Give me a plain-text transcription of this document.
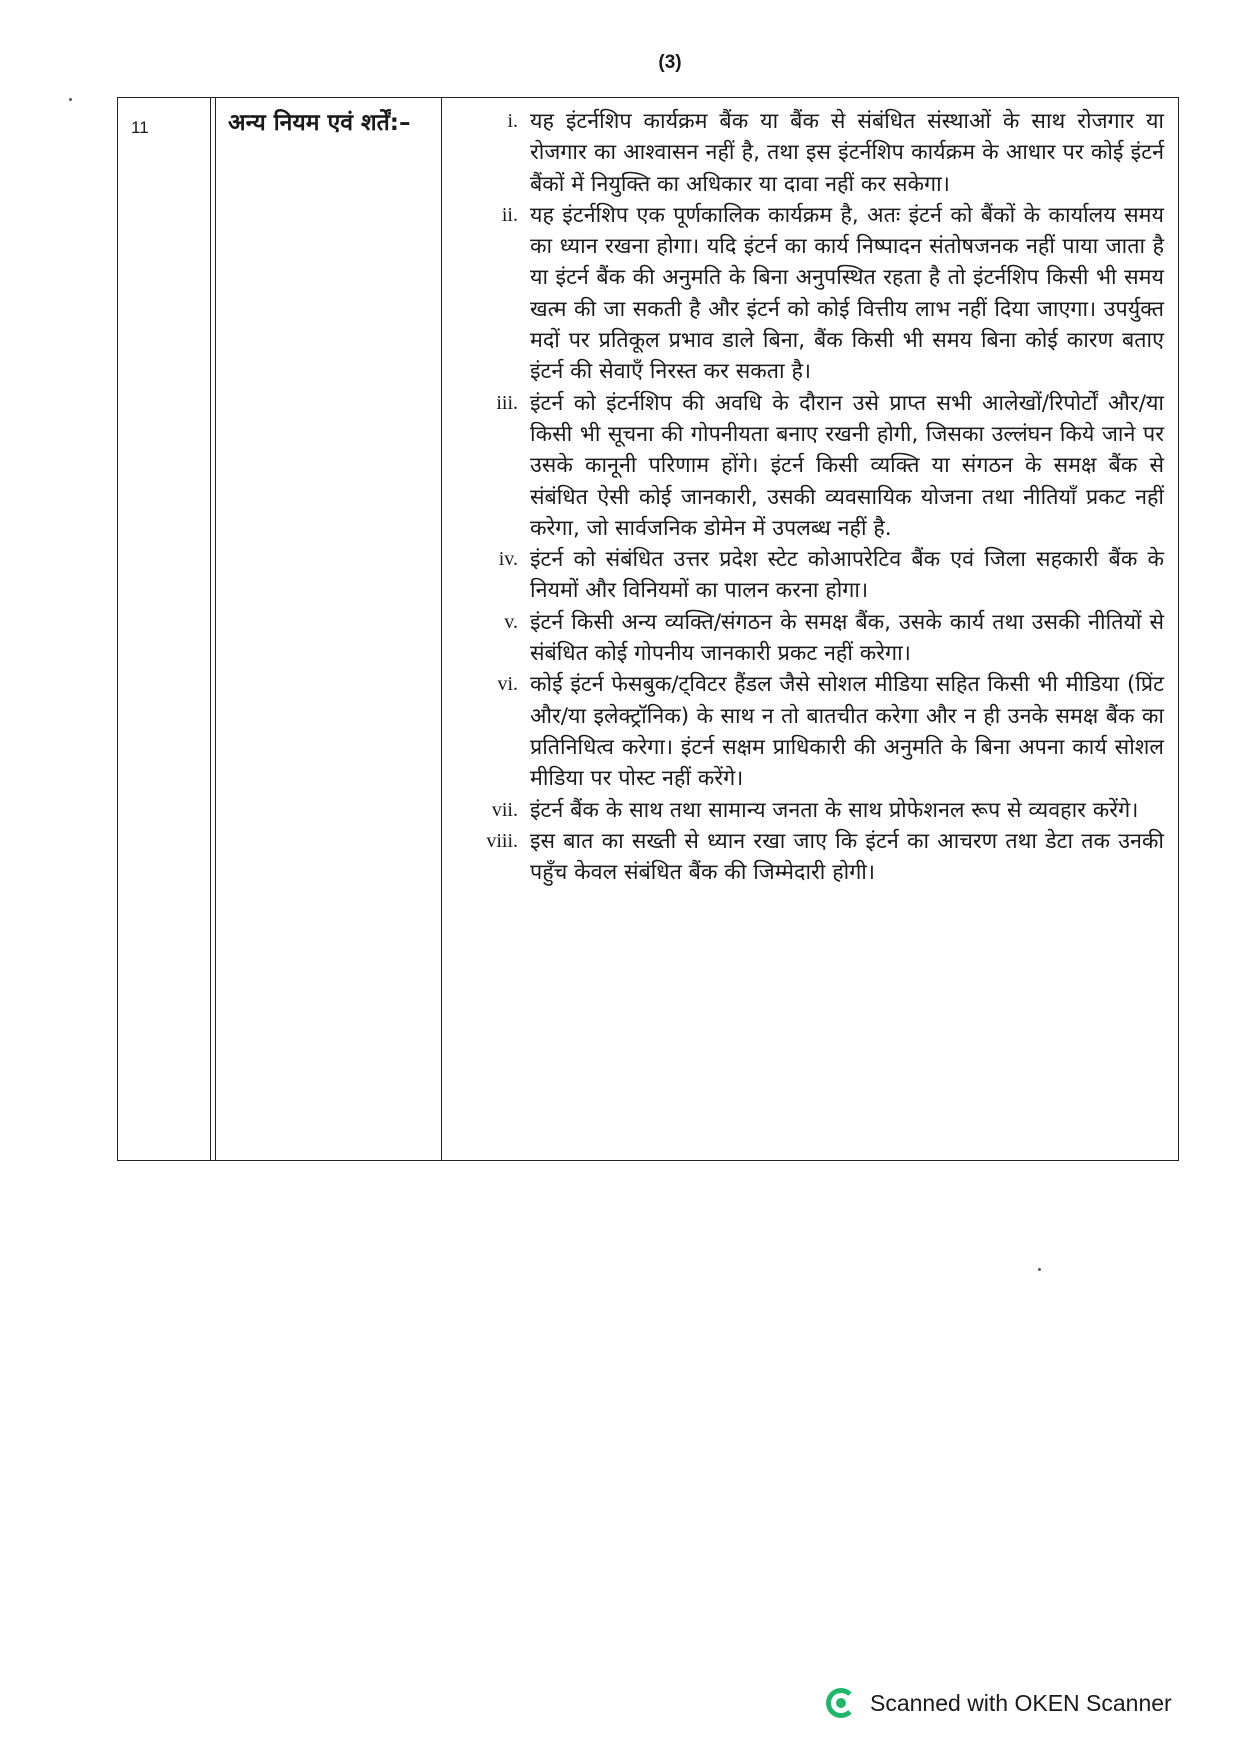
(3)
11		अन्य नियम एवं शर्तें:–	i. यह इंटर्नशिप कार्यक्रम बैंक या बैंक से संबंधित संस्थाओं के साथ रोजगार या रोजगार का आश्वासन नहीं है, तथा इस इंटर्नशिप कार्यक्रम के आधार पर कोई इंटर्न बैंकों में नियुक्ति का अधिकार या दावा नहीं कर सकेगा।
ii. यह इंटर्नशिप एक पूर्णकालिक कार्यक्रम है, अतः इंटर्न को बैंकों के कार्यालय समय का ध्यान रखना होगा। यदि इंटर्न का कार्य निष्पादन संतोषजनक नहीं पाया जाता है या इंटर्न बैंक की अनुमति के बिना अनुपस्थित रहता है तो इंटर्नशिप किसी भी समय खत्म की जा सकती है और इंटर्न को कोई वित्तीय लाभ नहीं दिया जाएगा। उपर्युक्त मदों पर प्रतिकूल प्रभाव डाले बिना, बैंक किसी भी समय बिना कोई कारण बताए इंटर्न की सेवाएँ निरस्त कर सकता है।
iii. इंटर्न को इंटर्नशिप की अवधि के दौरान उसे प्राप्त सभी आलेखों/रिपोर्टों और/या किसी भी सूचना की गोपनीयता बनाए रखनी होगी, जिसका उल्लंघन किये जाने पर उसके कानूनी परिणाम होंगे। इंटर्न किसी व्यक्ति या संगठन के समक्ष बैंक से संबंधित ऐसी कोई जानकारी, उसकी व्यवसायिक योजना तथा नीतियाँ प्रकट नहीं करेगा, जो सार्वजनिक डोमेन में उपलब्ध नहीं है.
iv. इंटर्न को संबंधित उत्तर प्रदेश स्टेट कोआपरेटिव बैंक एवं जिला सहकारी बैंक के नियमों और विनियमों का पालन करना होगा।
v. इंटर्न किसी अन्य व्यक्ति/संगठन के समक्ष बैंक, उसके कार्य तथा उसकी नीतियों से संबंधित कोई गोपनीय जानकारी प्रकट नहीं करेगा।
vi. कोई इंटर्न फेसबुक/ट्विटर हैंडल जैसे सोशल मीडिया सहित किसी भी मीडिया (प्रिंट और/या इलेक्ट्रॉनिक) के साथ न तो बातचीत करेगा और न ही उनके समक्ष बैंक का प्रतिनिधित्व करेगा। इंटर्न सक्षम प्राधिकारी की अनुमति के बिना अपना कार्य सोशल मीडिया पर पोस्ट नहीं करेंगे।
vii. इंटर्न बैंक के साथ तथा सामान्य जनता के साथ प्रोफेशनल रूप से व्यवहार करेंगे।
viii. इस बात का सख्ती से ध्यान रखा जाए कि इंटर्न का आचरण तथा डेटा तक उनकी पहुँच केवल संबंधित बैंक की जिम्मेदारी होगी।
Scanned with OKEN Scanner
